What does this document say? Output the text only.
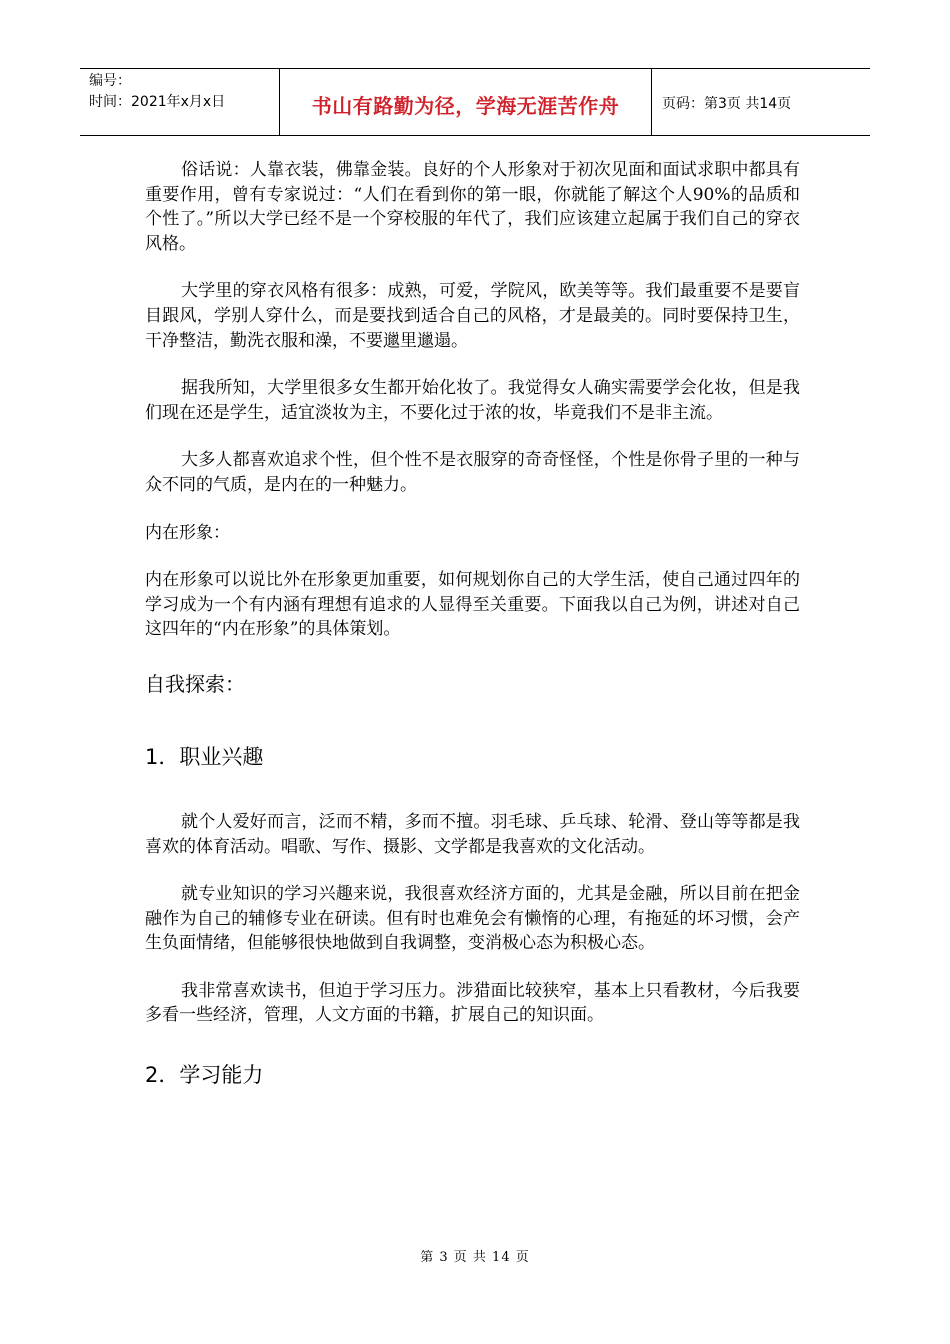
编号：
时间：2021年x月x日	书山有路勤为径，学海无涯苦作舟	页码：第3页 共14页

俗话说：人靠衣装，佛靠金装。良好的个人形象对于初次见面和面试求职中都具有重要作用，曾有专家说过：“人们在看到你的第一眼，你就能了解这个人90%的品质和个性了。”所以大学已经不是一个穿校服的年代了，我们应该建立起属于我们自己的穿衣风格。

大学里的穿衣风格有很多：成熟，可爱，学院风，欧美等等。我们最重要不是要盲目跟风，学别人穿什么，而是要找到适合自己的风格，才是最美的。同时要保持卫生，干净整洁，勤洗衣服和澡，不要邋里邋遢。

据我所知，大学里很多女生都开始化妆了。我觉得女人确实需要学会化妆，但是我们现在还是学生，适宜淡妆为主，不要化过于浓的妆，毕竟我们不是非主流。

大多人都喜欢追求个性，但个性不是衣服穿的奇奇怪怪，个性是你骨子里的一种与众不同的气质，是内在的一种魅力。

内在形象：

内在形象可以说比外在形象更加重要，如何规划你自己的大学生活，使自己通过四年的学习成为一个有内涵有理想有追求的人显得至关重要。下面我以自己为例，讲述对自己这四年的“内在形象”的具体策划。

自我探索：
1．职业兴趣

就个人爱好而言，泛而不精，多而不擅。羽毛球、乒乓球、轮滑、登山等等都是我喜欢的体育活动。唱歌、写作、摄影、文学都是我喜欢的文化活动。

就专业知识的学习兴趣来说，我很喜欢经济方面的，尤其是金融，所以目前在把金融作为自己的辅修专业在研读。但有时也难免会有懒惰的心理，有拖延的坏习惯，会产生负面情绪，但能够很快地做到自我调整，变消极心态为积极心态。

我非常喜欢读书，但迫于学习压力。涉猎面比较狭窄，基本上只看教材，今后我要多看一些经济，管理，人文方面的书籍，扩展自己的知识面。

2．学习能力
第 3 页 共 14 页
